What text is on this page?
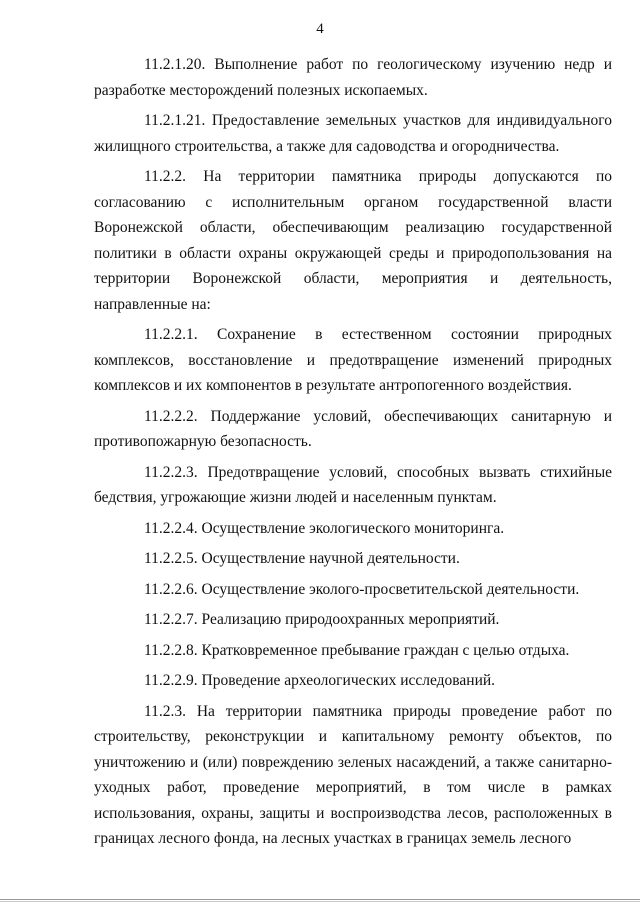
4

11.2.1.20. Выполнение работ по геологическому изучению недр и разработке месторождений полезных ископаемых.

11.2.1.21. Предоставление земельных участков для индивидуального жилищного строительства, а также для садоводства и огородничества.

11.2.2. На территории памятника природы допускаются по согласованию с исполнительным органом государственной власти Воронежской области, обеспечивающим реализацию государственной политики в области охраны окружающей среды и природопользования на территории Воронежской области, мероприятия и деятельность, направленные на:

11.2.2.1. Сохранение в естественном состоянии природных комплексов, восстановление и предотвращение изменений природных комплексов и их компонентов в результате антропогенного воздействия.

11.2.2.2. Поддержание условий, обеспечивающих санитарную и противопожарную безопасность.

11.2.2.3. Предотвращение условий, способных вызвать стихийные бедствия, угрожающие жизни людей и населенным пунктам.

11.2.2.4. Осуществление экологического мониторинга.

11.2.2.5. Осуществление научной деятельности.

11.2.2.6. Осуществление эколого-просветительской деятельности.

11.2.2.7. Реализацию природоохранных мероприятий.

11.2.2.8. Кратковременное пребывание граждан с целью отдыха.

11.2.2.9. Проведение археологических исследований.

11.2.3. На территории памятника природы проведение работ по строительству, реконструкции и капитальному ремонту объектов, по уничтожению и (или) повреждению зеленых насаждений, а также санитарно-уходных работ, проведение мероприятий, в том числе в рамках использования, охраны, защиты и воспроизводства лесов, расположенных в границах лесного фонда, на лесных участках в границах земель лесного
